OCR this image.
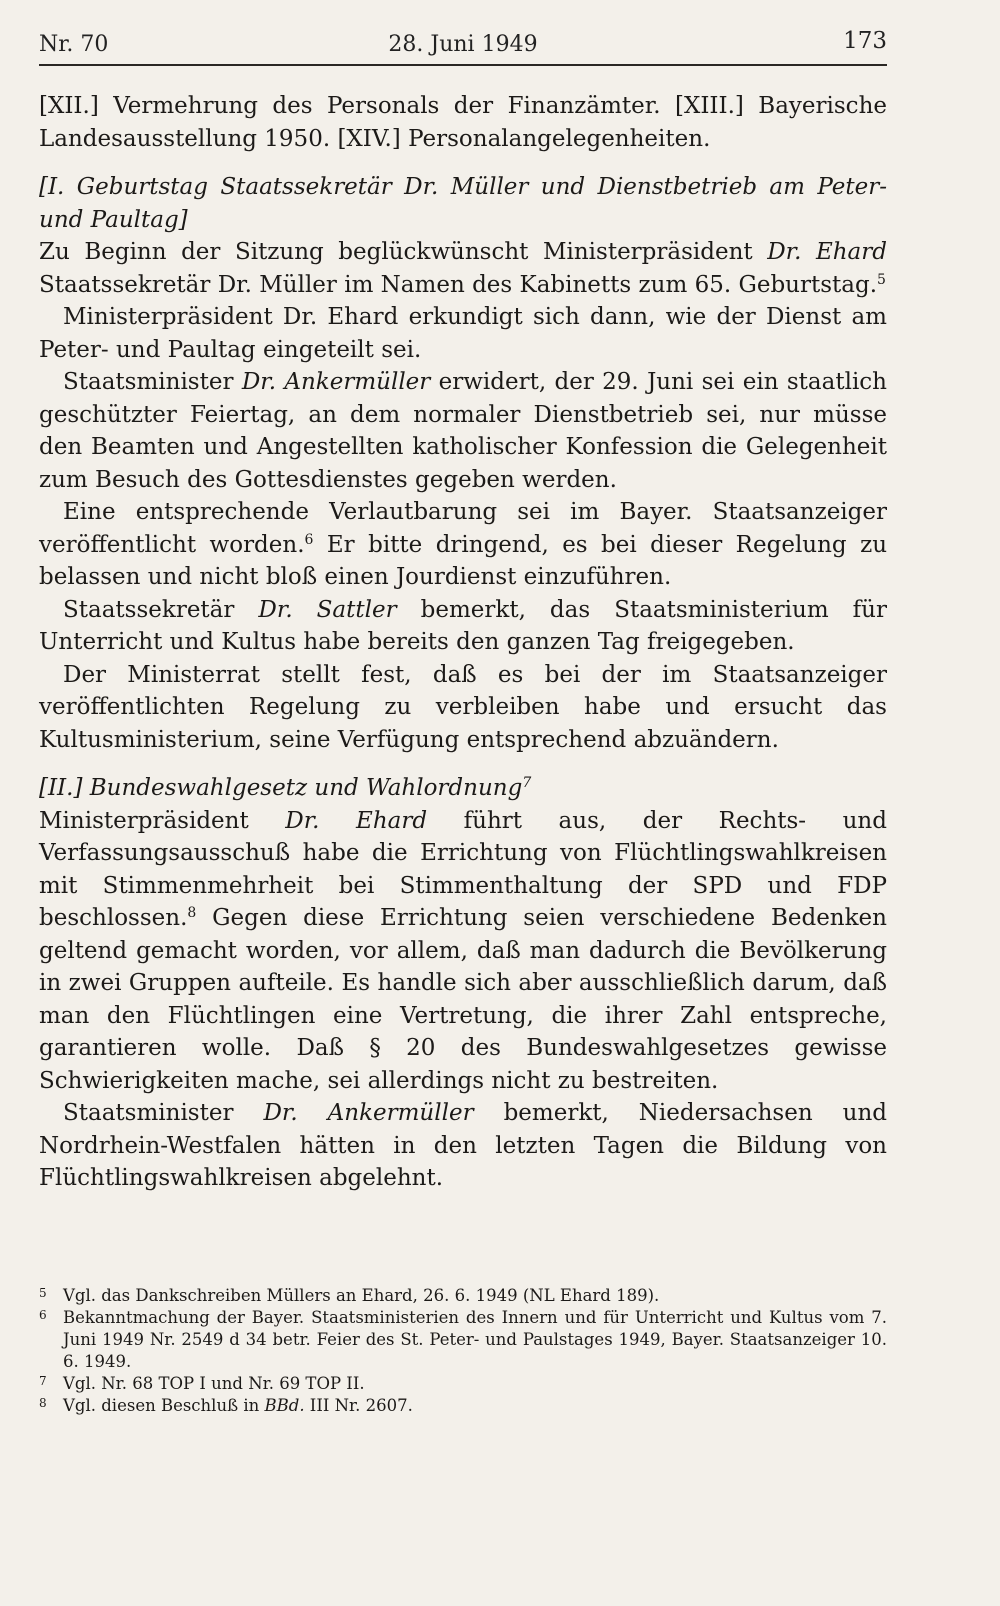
Nr. 70	28. Juni 1949	173

[XII.] Vermehrung des Personals der Finanzämter. [XIII.] Bayerische Landesausstellung 1950. [XIV.] Personalangelegenheiten.

[I. Geburtstag Staatssekretär Dr. Müller und Dienstbetrieb am Peter- und Paultag]

Zu Beginn der Sitzung beglückwünscht Ministerpräsident Dr. Ehard Staatssekretär Dr. Müller im Namen des Kabinetts zum 65. Geburtstag.$^5$

Ministerpräsident Dr. Ehard erkundigt sich dann, wie der Dienst am Peter- und Paultag eingeteilt sei.

Staatsminister Dr. Ankermüller erwidert, der 29. Juni sei ein staatlich geschützter Feiertag, an dem normaler Dienstbetrieb sei, nur müsse den Beamten und Angestellten katholischer Konfession die Gelegenheit zum Besuch des Gottesdienstes gegeben werden.

Eine entsprechende Verlautbarung sei im Bayer. Staatsanzeiger veröffentlicht worden.$^6$ Er bitte dringend, es bei dieser Regelung zu belassen und nicht bloß einen Jourdienst einzuführen.

Staatssekretär Dr. Sattler bemerkt, das Staatsministerium für Unterricht und Kultus habe bereits den ganzen Tag freigegeben.

Der Ministerrat stellt fest, daß es bei der im Staatsanzeiger veröffentlichten Regelung zu verbleiben habe und ersucht das Kultusministerium, seine Verfügung entsprechend abzuändern.

[II.] Bundeswahlgesetz und Wahlordnung$^7$

Ministerpräsident Dr. Ehard führt aus, der Rechts- und Verfassungsausschuß habe die Errichtung von Flüchtlingswahlkreisen mit Stimmenmehrheit bei Stimmenthaltung der SPD und FDP beschlossen.$^8$ Gegen diese Errichtung seien verschiedene Bedenken geltend gemacht worden, vor allem, daß man dadurch die Bevölkerung in zwei Gruppen aufteile. Es handle sich aber ausschließlich darum, daß man den Flüchtlingen eine Vertretung, die ihrer Zahl entspreche, garantieren wolle. Daß § 20 des Bundeswahlgesetzes gewisse Schwierigkeiten mache, sei allerdings nicht zu bestreiten.

Staatsminister Dr. Ankermüller bemerkt, Niedersachsen und Nordrhein-Westfalen hätten in den letzten Tagen die Bildung von Flüchtlingswahlkreisen abgelehnt.

5 Vgl. das Dankschreiben Müllers an Ehard, 26. 6. 1949 (NL Ehard 189).
6 Bekanntmachung der Bayer. Staatsministerien des Innern und für Unterricht und Kultus vom 7. Juni 1949 Nr. 2549 d 34 betr. Feier des St. Peter- und Paulstages 1949, Bayer. Staatsanzeiger 10. 6. 1949.
7 Vgl. Nr. 68 TOP I und Nr. 69 TOP II.
8 Vgl. diesen Beschluß in BBd. III Nr. 2607.
